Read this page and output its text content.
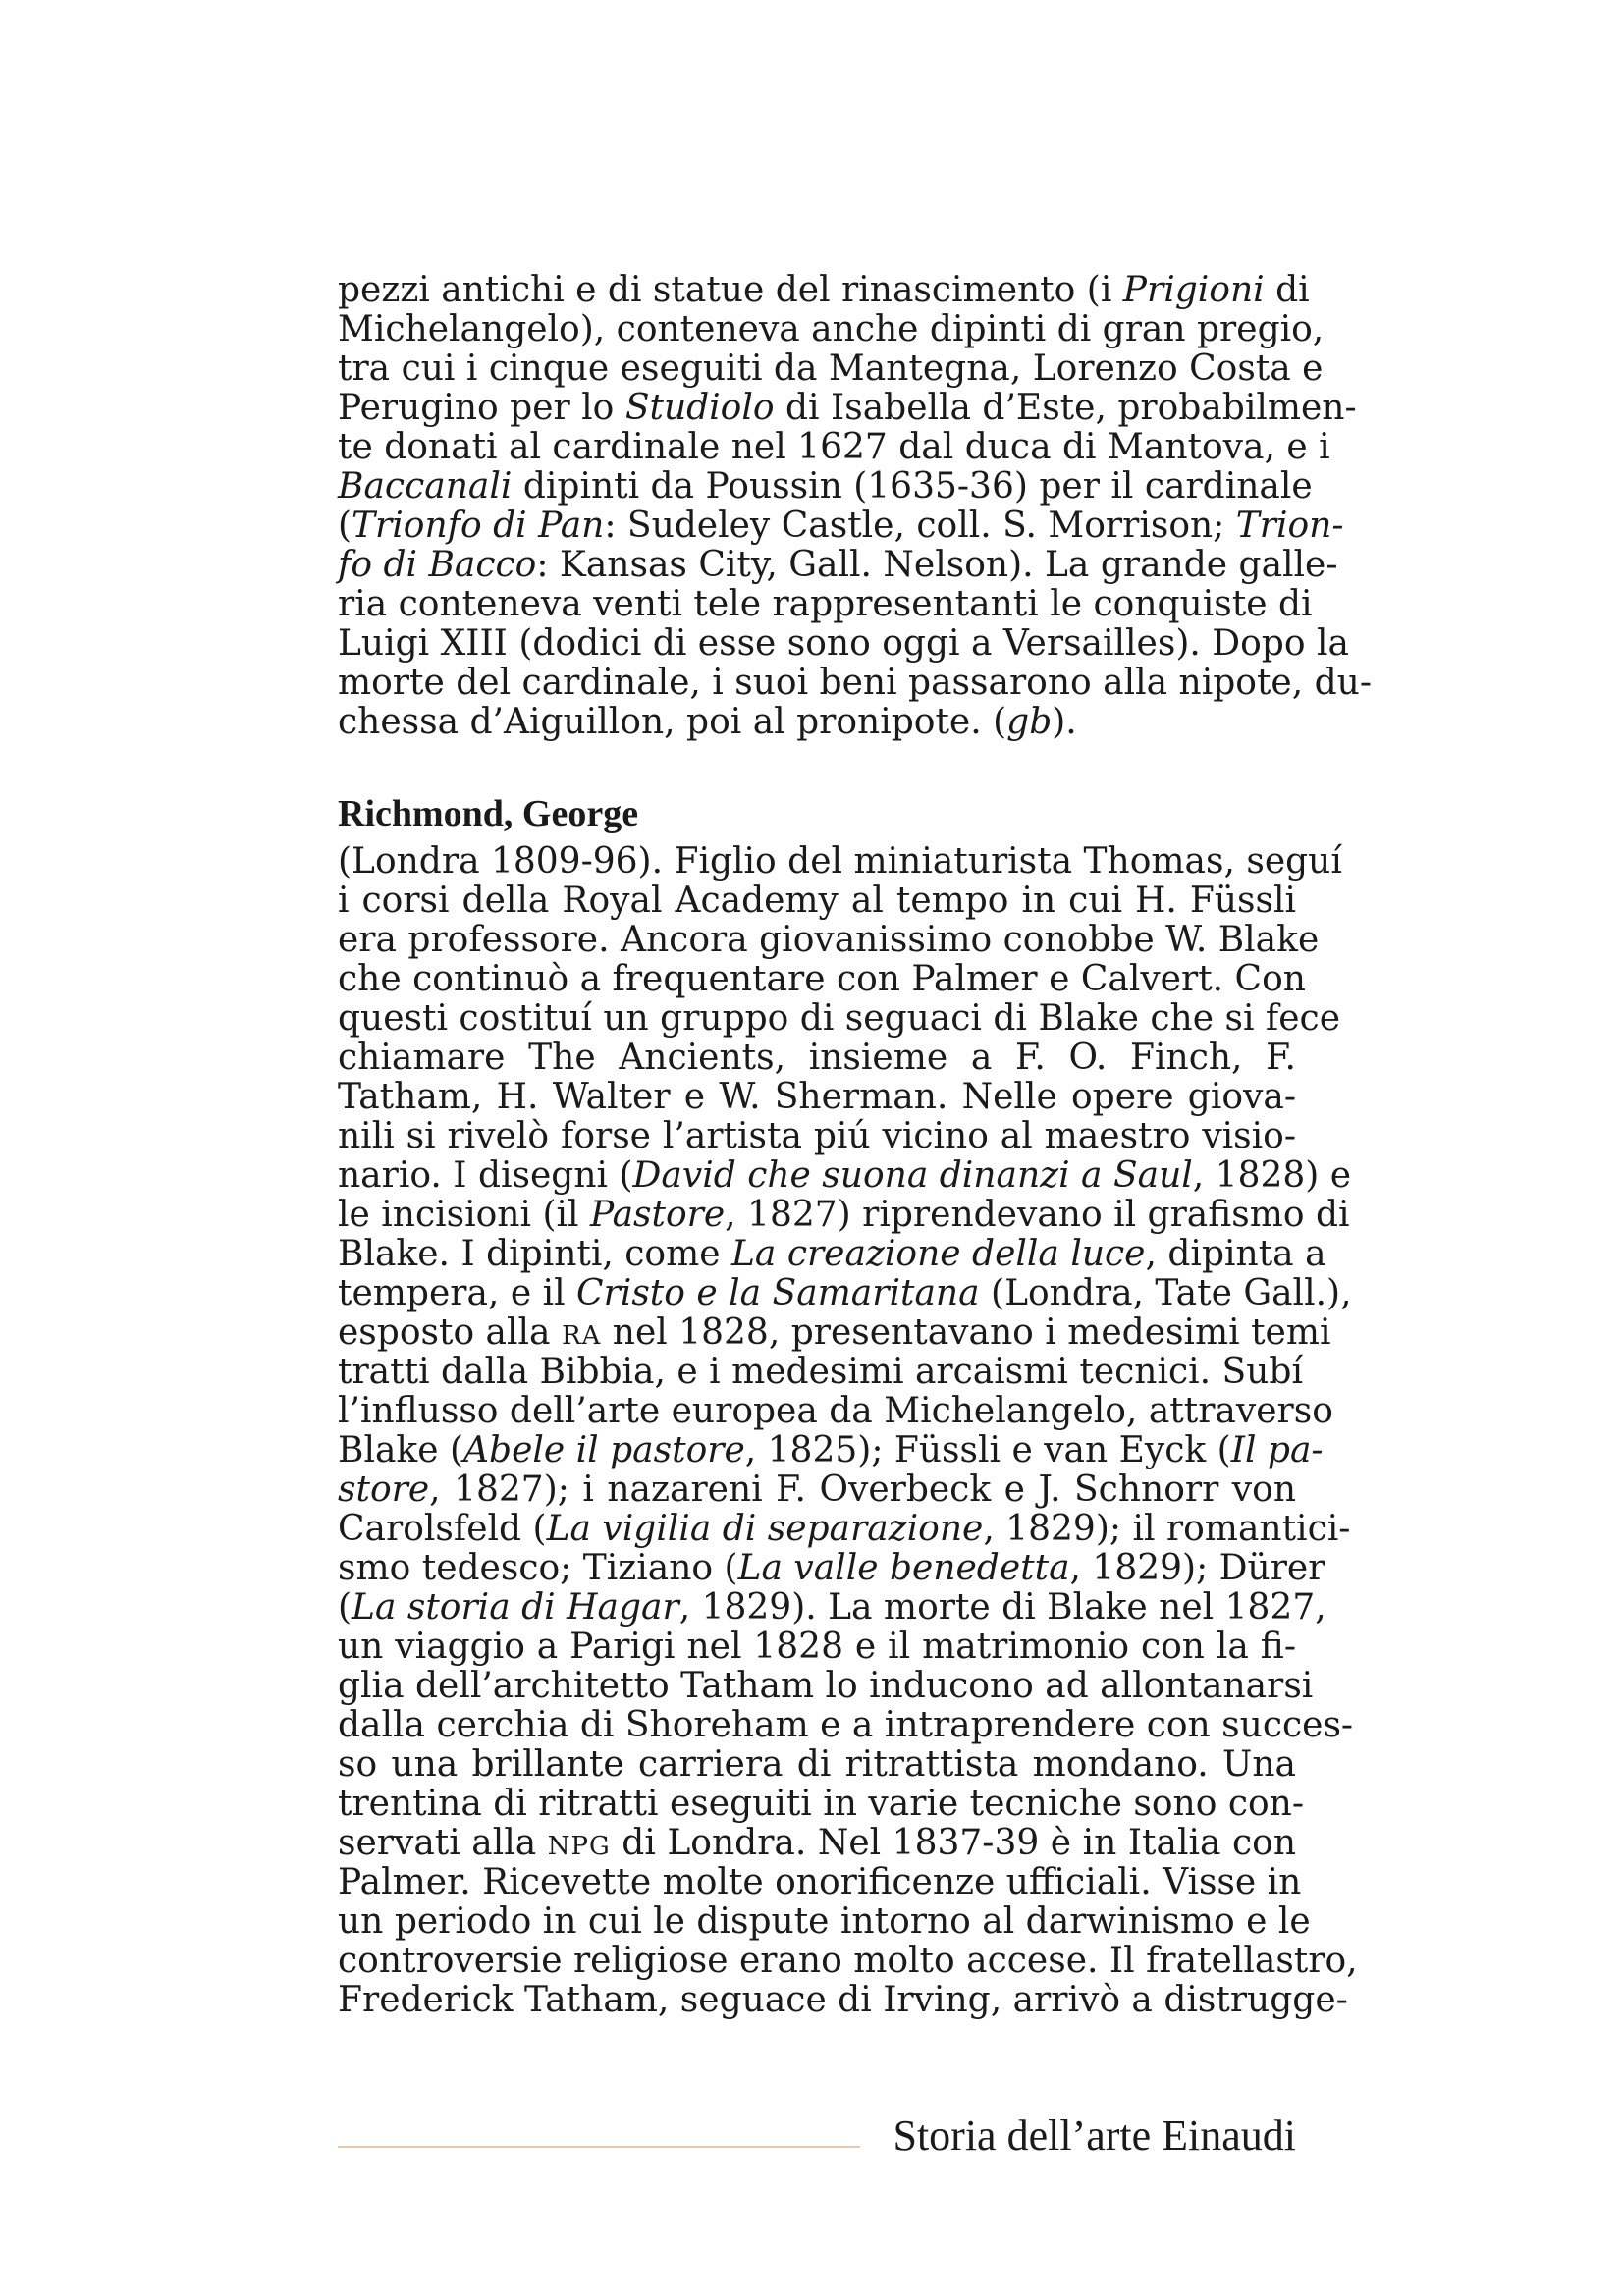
pezzi antichi e di statue del rinascimento (i Prigioni di
Michelangelo), conteneva anche dipinti di gran pregio,
tra cui i cinque eseguiti da Mantegna, Lorenzo Costa e
Perugino per lo Studiolo di Isabella d’Este, probabilmen-
te donati al cardinale nel 1627 dal duca di Mantova, e i
Baccanali dipinti da Poussin (1635-36) per il cardinale
(Trionfo di Pan: Sudeley Castle, coll. S. Morrison; Trion-
fo di Bacco: Kansas City, Gall. Nelson). La grande galle-
ria conteneva venti tele rappresentanti le conquiste di
Luigi XIII (dodici di esse sono oggi a Versailles). Dopo la
morte del cardinale, i suoi beni passarono alla nipote, du-
chessa d’Aiguillon, poi al pronipote. (gb).
Richmond, George
(Londra 1809-96). Figlio del miniaturista Thomas, seguí
i corsi della Royal Academy al tempo in cui H. Füssli
era professore. Ancora giovanissimo conobbe W. Blake
che continuò a frequentare con Palmer e Calvert. Con
questi costituí un gruppo di seguaci di Blake che si fece
chiamare The Ancients, insieme a F. O. Finch, F.
Tatham, H. Walter e W. Sherman. Nelle opere giova-
nili si rivelò forse l’artista piú vicino al maestro visio-
nario. I disegni (David che suona dinanzi a Saul, 1828) e
le incisioni (il Pastore, 1827) riprendevano il grafismo di
Blake. I dipinti, come La creazione della luce, dipinta a
tempera, e il Cristo e la Samaritana (Londra, Tate Gall.),
esposto alla RA nel 1828, presentavano i medesimi temi
tratti dalla Bibbia, e i medesimi arcaismi tecnici. Subí
l’influsso dell’arte europea da Michelangelo, attraverso
Blake (Abele il pastore, 1825); Füssli e van Eyck (Il pa-
store, 1827); i nazareni F. Overbeck e J. Schnorr von
Carolsfeld (La vigilia di separazione, 1829); il romantici-
smo tedesco; Tiziano (La valle benedetta, 1829); Dürer
(La storia di Hagar, 1829). La morte di Blake nel 1827,
un viaggio a Parigi nel 1828 e il matrimonio con la fi-
glia dell’architetto Tatham lo inducono ad allontanarsi
dalla cerchia di Shoreham e a intraprendere con succes-
so una brillante carriera di ritrattista mondano. Una
trentina di ritratti eseguiti in varie tecniche sono con-
servati alla NPG di Londra. Nel 1837-39 è in Italia con
Palmer. Ricevette molte onorificenze ufficiali. Visse in
un periodo in cui le dispute intorno al darwinismo e le
controversie religiose erano molto accese. Il fratellastro,
Frederick Tatham, seguace di Irving, arrivò a distrugge-
Storia dell’arte Einaudi
